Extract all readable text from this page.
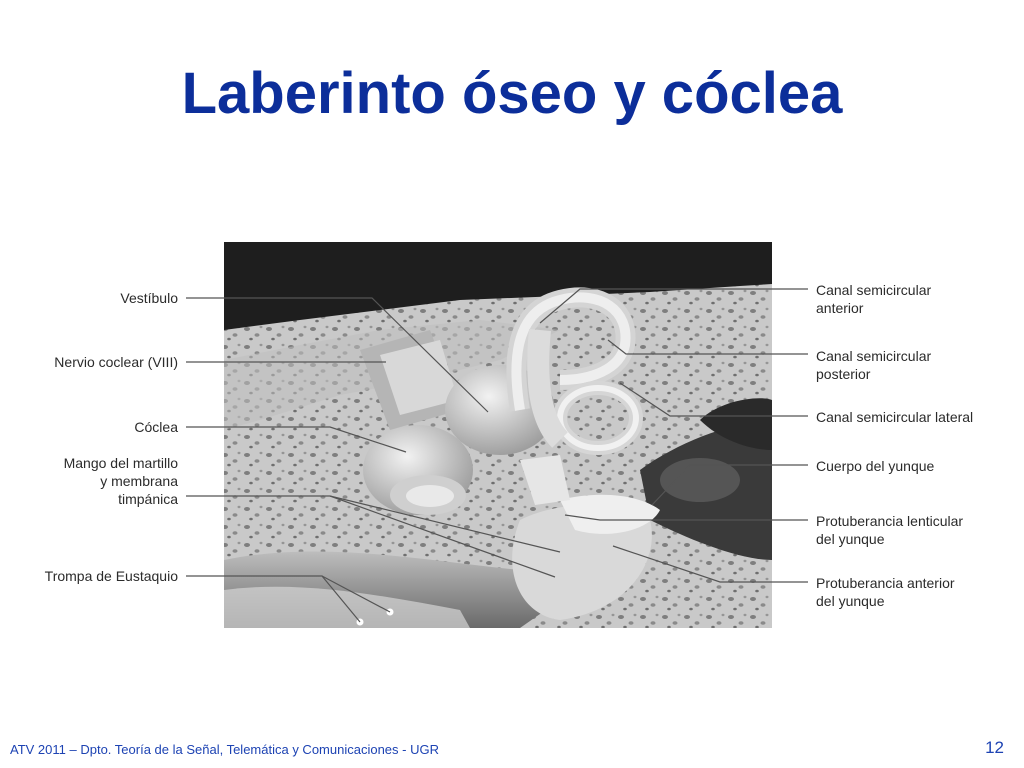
Laberinto óseo y cóclea
Vestíbulo
Nervio coclear (VIII)
Cóclea
Mango del martillo
y membrana
timpánica
Trompa de Eustaquio
Canal semicircular
anterior
Canal semicircular
posterior
Canal semicircular lateral
Cuerpo del yunque
Protuberancia lenticular
del yunque
Protuberancia anterior
del yunque
ATV 2011 – Dpto. Teoría de la Señal, Telemática y Comunicaciones - UGR	12
